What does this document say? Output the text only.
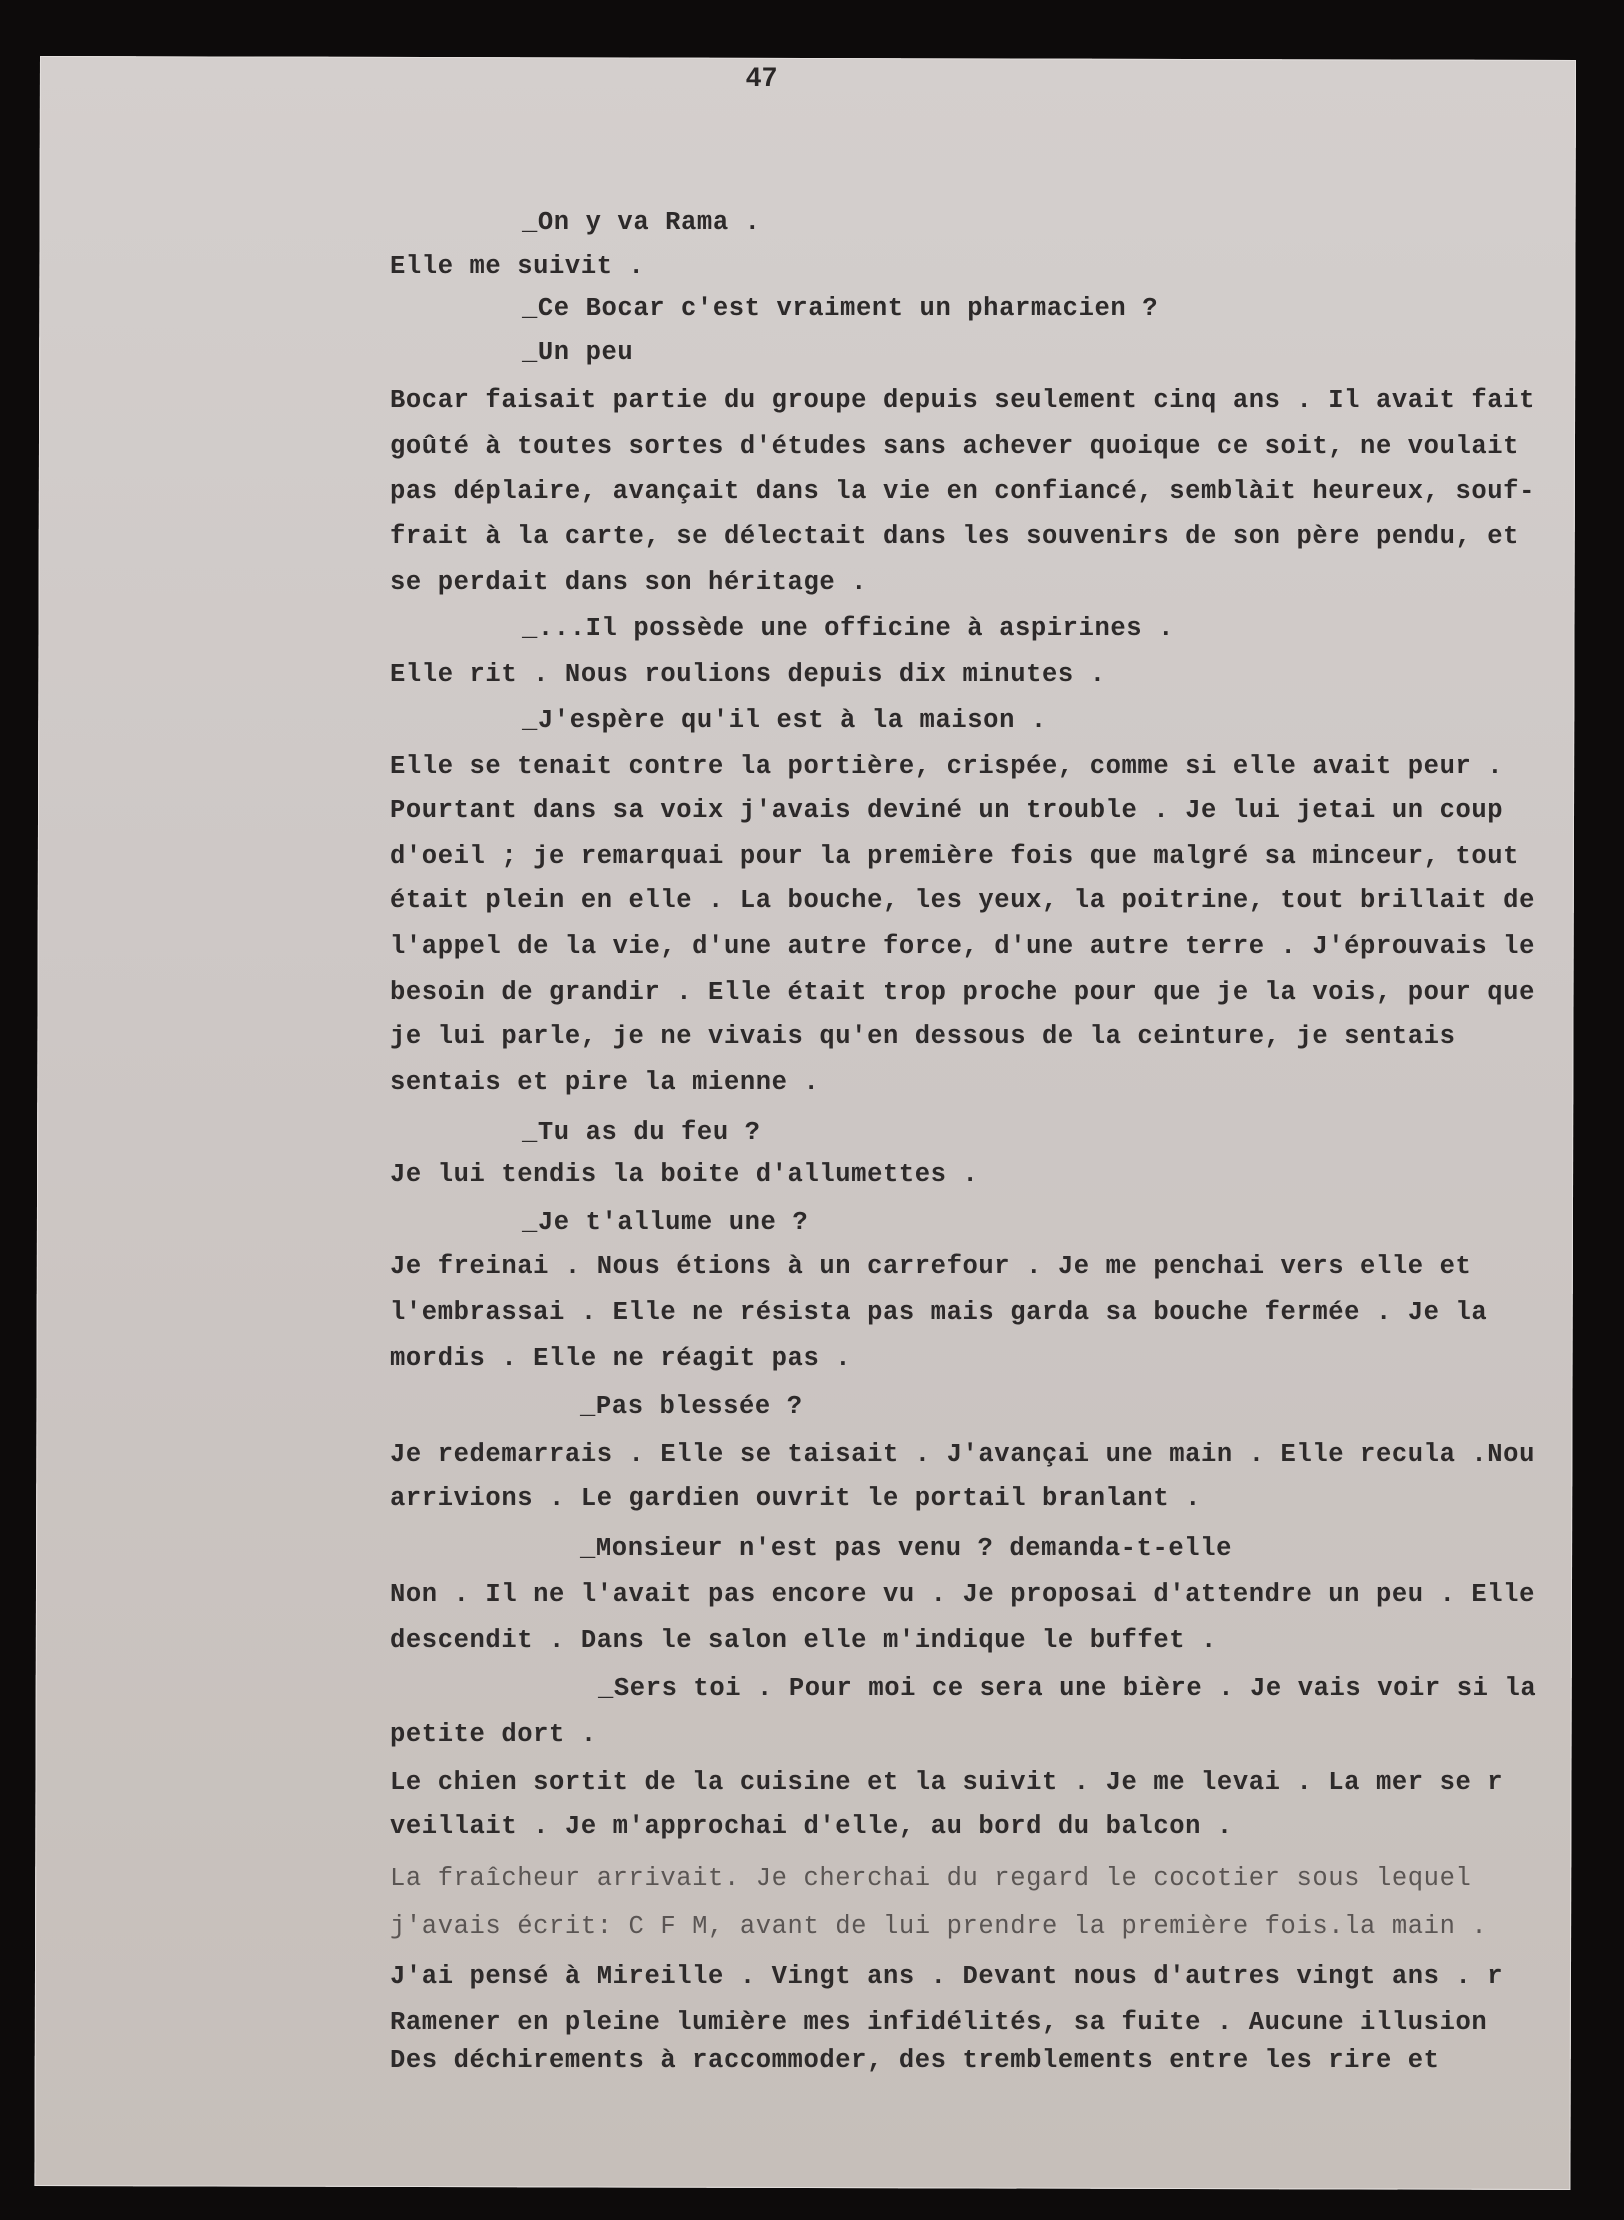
47
_On y va Rama .
Elle me suivit .
_Ce Bocar c'est vraiment un pharmacien ?
_Un peu
Bocar faisait partie du groupe depuis seulement cinq ans . Il avait fait
goûté à toutes sortes d'études sans achever quoique ce soit, ne voulait
pas déplaire, avançait dans la vie en confiancé, semblàit heureux, souf-
frait à la carte, se délectait dans les souvenirs de son père pendu, et
se perdait dans son héritage .
_...Il possède une officine à aspirines .
Elle rit . Nous roulions depuis dix minutes .
_J'espère qu'il est à la maison .
Elle se tenait contre la portière, crispée, comme si elle avait peur .
Pourtant dans sa voix j'avais deviné un trouble . Je lui jetai un coup
d'oeil ; je remarquai pour la première fois que malgré sa minceur, tout
était plein en elle . La bouche, les yeux, la poitrine, tout brillait de
l'appel de la vie, d'une autre force, d'une autre terre . J'éprouvais le
besoin de grandir . Elle était trop proche pour que je la vois, pour que
je lui parle, je ne vivais qu'en dessous de la ceinture, je sentais
sentais et pire la mienne .
_Tu as du feu ?
Je lui tendis la boite d'allumettes .
_Je t'allume une ?
Je freinai . Nous étions à un carrefour . Je me penchai vers elle et
l'embrassai . Elle ne résista pas mais garda sa bouche fermée . Je la
mordis . Elle ne réagit pas .
_Pas blessée ?
Je redemarrais . Elle se taisait . J'avançai une main . Elle recula .Nou
arrivions . Le gardien ouvrit le portail branlant .
_Monsieur n'est pas venu ? demanda-t-elle
Non . Il ne l'avait pas encore vu . Je proposai d'attendre un peu . Elle
descendit . Dans le salon elle m'indique le buffet .
_Sers toi . Pour moi ce sera une bière . Je vais voir si la
petite dort .
Le chien sortit de la cuisine et la suivit . Je me levai . La mer se r
veillait . Je m'approchai d'elle, au bord du balcon .
La fraîcheur arrivait. Je cherchai du regard le cocotier sous lequel
j'avais écrit: C F M, avant de lui prendre la première fois.la main .
J'ai pensé à Mireille . Vingt ans . Devant nous d'autres vingt ans . r
Ramener en pleine lumière mes infidélités, sa fuite . Aucune illusion
Des déchirements à raccommoder, des tremblements entre les rire et
